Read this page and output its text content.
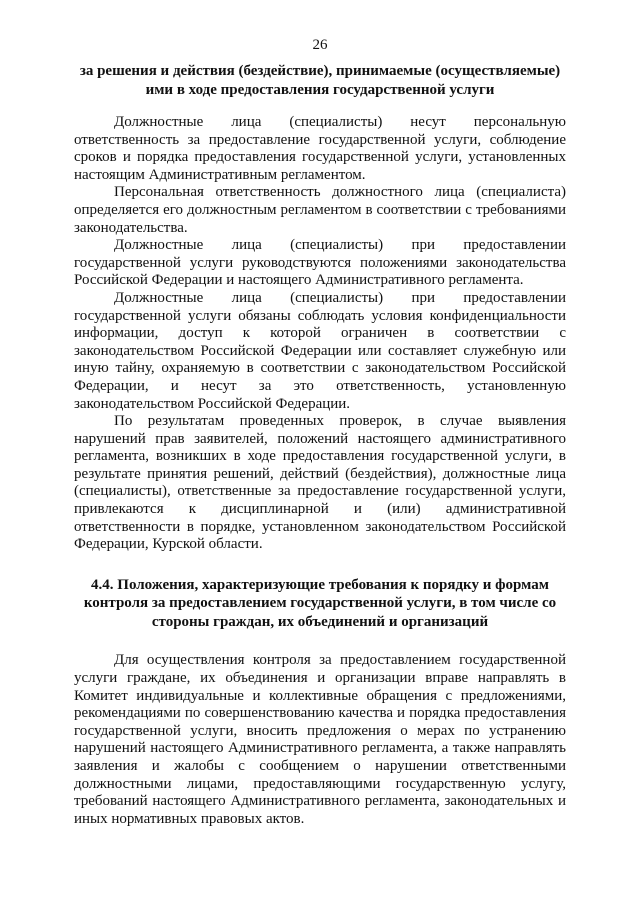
26

за решения и действия (бездействие), принимаемые (осуществляемые) ими в ходе предоставления государственной услуги

Должностные лица (специалисты) несут персональную ответственность за предоставление государственной услуги, соблюдение сроков и порядка предоставления государственной услуги, установленных настоящим Административным регламентом.

Персональная ответственность должностного лица (специалиста) определяется его должностным регламентом в соответствии с требованиями законодательства.

Должностные лица (специалисты) при предоставлении государственной услуги руководствуются положениями законодательства Российской Федерации и настоящего Административного регламента.

Должностные лица (специалисты) при предоставлении государственной услуги обязаны соблюдать условия конфиденциальности информации, доступ к которой ограничен в соответствии с законодательством Российской Федерации или составляет служебную или иную тайну, охраняемую в соответствии с законодательством Российской Федерации, и несут за это ответственность, установленную законодательством Российской Федерации.

По результатам проведенных проверок, в случае выявления нарушений прав заявителей, положений настоящего административного регламента, возникших в ходе предоставления государственной услуги, в результате принятия решений, действий (бездействия), должностные лица (специалисты), ответственные за предоставление государственной услуги, привлекаются к дисциплинарной и (или) административной ответственности в порядке, установленном законодательством Российской Федерации, Курской области.

4.4. Положения, характеризующие требования к порядку и формам контроля за предоставлением государственной услуги, в том числе со стороны граждан, их объединений и организаций

Для осуществления контроля за предоставлением государственной услуги граждане, их объединения и организации вправе направлять в Комитет индивидуальные и коллективные обращения с предложениями, рекомендациями по совершенствованию качества и порядка предоставления государственной услуги, вносить предложения о мерах по устранению нарушений настоящего Административного регламента, а также направлять заявления и жалобы с сообщением о нарушении ответственными должностными лицами, предоставляющими государственную услугу, требований настоящего Административного регламента, законодательных и иных нормативных правовых актов.
